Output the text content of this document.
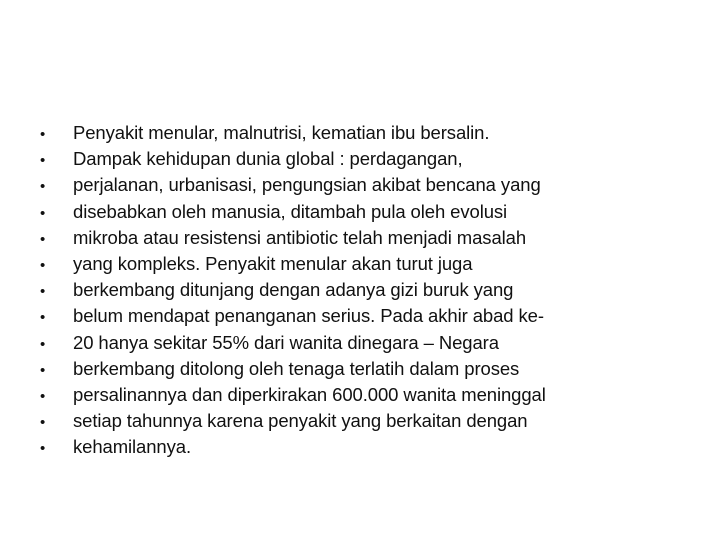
•	Penyakit menular, malnutrisi, kematian ibu bersalin.
•	Dampak kehidupan dunia global : perdagangan,
•	perjalanan, urbanisasi, pengungsian akibat bencana yang
•	disebabkan oleh manusia, ditambah pula oleh evolusi
•	mikroba atau resistensi antibiotic telah menjadi masalah
•	yang kompleks. Penyakit menular akan turut juga
•	berkembang ditunjang dengan adanya gizi buruk yang
•	belum mendapat penanganan serius. Pada akhir abad ke-
•	20 hanya sekitar 55% dari wanita dinegara – Negara
•	berkembang ditolong oleh tenaga terlatih dalam proses
•	persalinannya dan diperkirakan 600.000 wanita meninggal
•	setiap tahunnya karena penyakit yang berkaitan dengan
•	kehamilannya.
